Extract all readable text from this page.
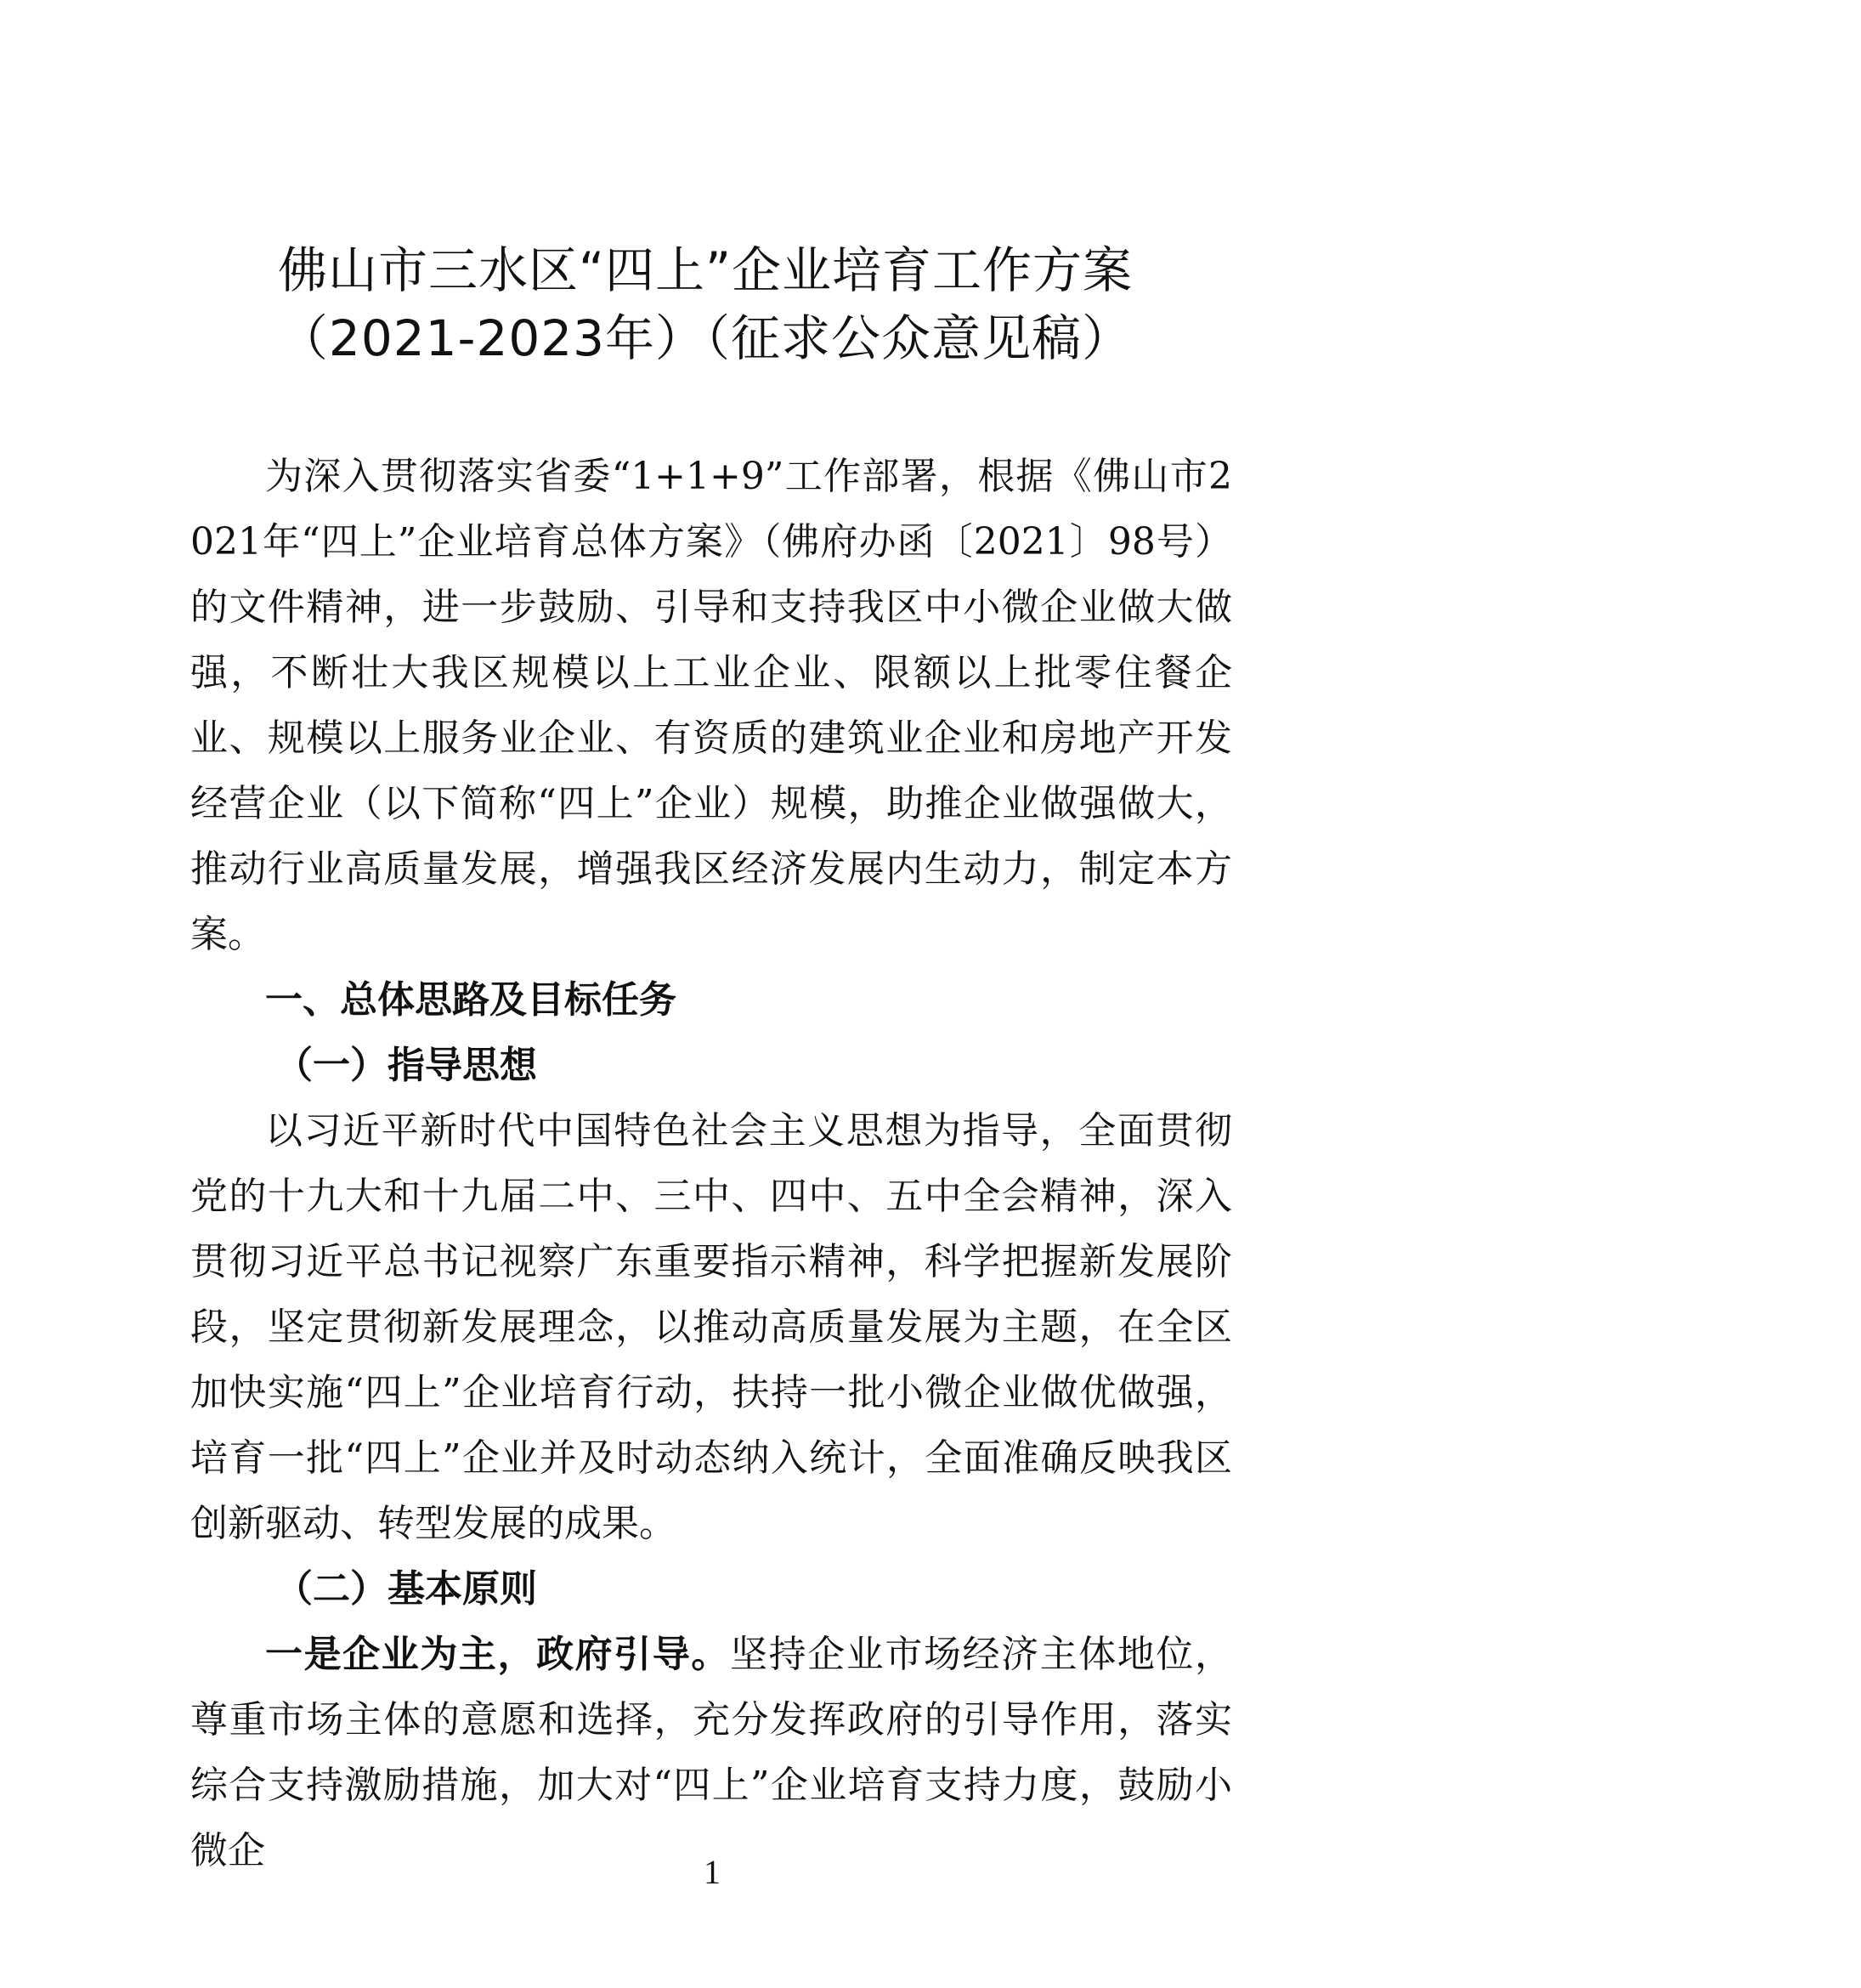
佛山市三水区“四上”企业培育工作方案
（2021-2023年）（征求公众意见稿）

为深入贯彻落实省委“1+1+9”工作部署，根据《佛山市2021年“四上”企业培育总体方案》（佛府办函〔2021〕98号）的文件精神，进一步鼓励、引导和支持我区中小微企业做大做强，不断壮大我区规模以上工业企业、限额以上批零住餐企业、规模以上服务业企业、有资质的建筑业企业和房地产开发经营企业（以下简称“四上”企业）规模，助推企业做强做大，推动行业高质量发展，增强我区经济发展内生动力，制定本方案。

一、总体思路及目标任务

（一）指导思想

以习近平新时代中国特色社会主义思想为指导，全面贯彻党的十九大和十九届二中、三中、四中、五中全会精神，深入贯彻习近平总书记视察广东重要指示精神，科学把握新发展阶段，坚定贯彻新发展理念，以推动高质量发展为主题，在全区加快实施“四上”企业培育行动，扶持一批小微企业做优做强，培育一批“四上”企业并及时动态纳入统计，全面准确反映我区创新驱动、转型发展的成果。

（二）基本原则

一是企业为主，政府引导。坚持企业市场经济主体地位，尊重市场主体的意愿和选择，充分发挥政府的引导作用，落实综合支持激励措施，加大对“四上”企业培育支持力度，鼓励小微企	1
